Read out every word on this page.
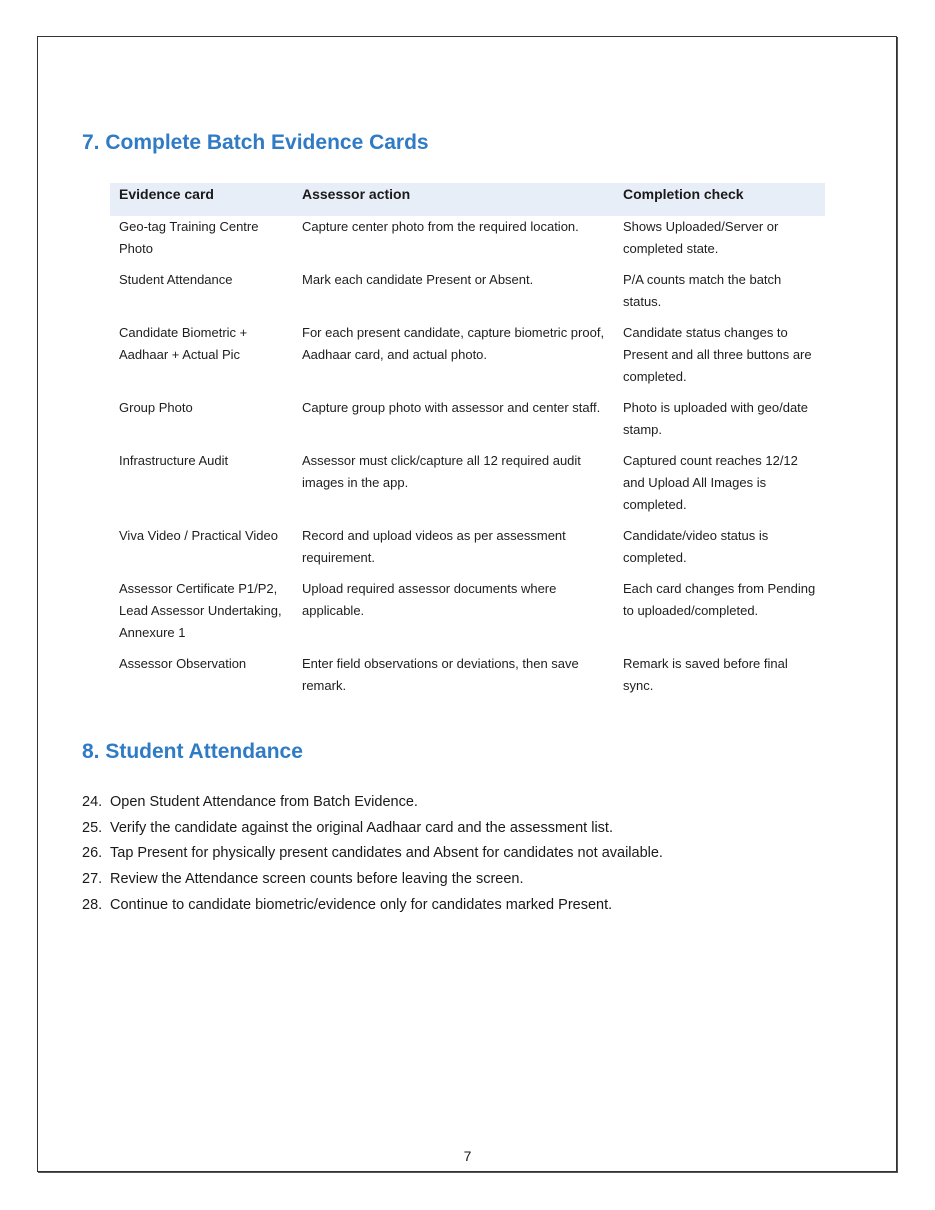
7. Complete Batch Evidence Cards
Evidence card	Assessor action	Completion check
Geo-tag Training Centre Photo	Capture center photo from the required location.	Shows Uploaded/Server or completed state.
Student Attendance	Mark each candidate Present or Absent.	P/A counts match the batch status.
Candidate Biometric + Aadhaar + Actual Pic	For each present candidate, capture biometric proof, Aadhaar card, and actual photo.	Candidate status changes to Present and all three buttons are completed.
Group Photo	Capture group photo with assessor and center staff.	Photo is uploaded with geo/date stamp.
Infrastructure Audit	Assessor must click/capture all 12 required audit images in the app.	Captured count reaches 12/12 and Upload All Images is completed.
Viva Video / Practical Video	Record and upload videos as per assessment requirement.	Candidate/video status is completed.
Assessor Certificate P1/P2, Lead Assessor Undertaking, Annexure 1	Upload required assessor documents where applicable.	Each card changes from Pending to uploaded/completed.
Assessor Observation	Enter field observations or deviations, then save remark.	Remark is saved before final sync.
8. Student Attendance
24. Open Student Attendance from Batch Evidence.
25. Verify the candidate against the original Aadhaar card and the assessment list.
26. Tap Present for physically present candidates and Absent for candidates not available.
27. Review the Attendance screen counts before leaving the screen.
28. Continue to candidate biometric/evidence only for candidates marked Present.
7
